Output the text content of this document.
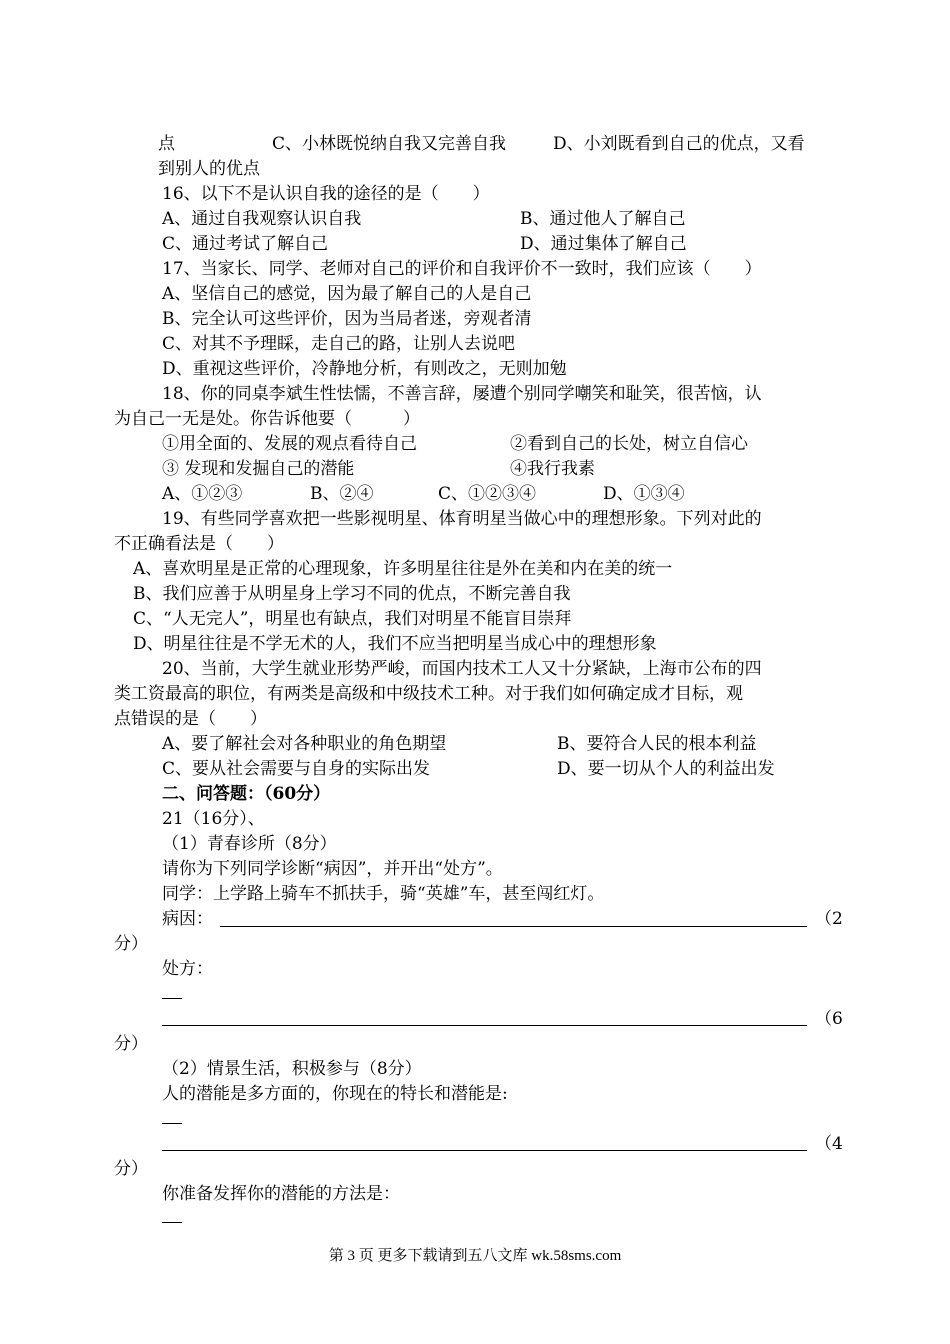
点	C、小林既悦纳自我又完善自我	D、小刘既看到自己的优点，又看
到别人的优点
16、以下不是认识自我的途径的是（　　）
A、通过自我观察认识自我	B、通过他人了解自己
C、通过考试了解自己	D、通过集体了解自己
17、当家长、同学、老师对自己的评价和自我评价不一致时，我们应该（　　）
A、坚信自己的感觉，因为最了解自己的人是自己
B、完全认可这些评价，因为当局者迷，旁观者清
C、对其不予理睬，走自己的路，让别人去说吧
D、重视这些评价，冷静地分析，有则改之，无则加勉
18、你的同桌李斌生性怯懦，不善言辞，屡遭个别同学嘲笑和耻笑，很苦恼，认
为自己一无是处。你告诉他要（　　　）
①用全面的、发展的观点看待自己	②看到自己的长处，树立自信心
③ 发现和发掘自己的潜能	④我行我素
A、①②③	B、②④	C、①②③④	D、①③④
19、有些同学喜欢把一些影视明星、体育明星当做心中的理想形象。下列对此的
不正确看法是（　　）
A、喜欢明星是正常的心理现象，许多明星往往是外在美和内在美的统一
B、我们应善于从明星身上学习不同的优点，不断完善自我
C、“人无完人”，明星也有缺点，我们对明星不能盲目崇拜
D、明星往往是不学无术的人，我们不应当把明星当成心中的理想形象
20、当前，大学生就业形势严峻，而国内技术工人又十分紧缺，上海市公布的四
类工资最高的职位，有两类是高级和中级技术工种。对于我们如何确定成才目标，观
点错误的是（　　）
A、要了解社会对各种职业的角色期望	B、要符合人民的根本利益
C、要从社会需要与自身的实际出发	D、要一切从个人的利益出发
二、问答题：（60分）
21（16分）、
（1）青春诊所（8分）
请你为下列同学诊断“病因”，并开出“处方”。
同学：上学路上骑车不抓扶手，骑“英雄”车，甚至闯红灯。
病因：	（2
分）
处方：
（6
分）
（2）情景生活，积极参与（8分）
人的潜能是多方面的，你现在的特长和潜能是:
（4
分）
你准备发挥你的潜能的方法是：
第 3 页 更多下载请到五八文库 wk.58sms.com
